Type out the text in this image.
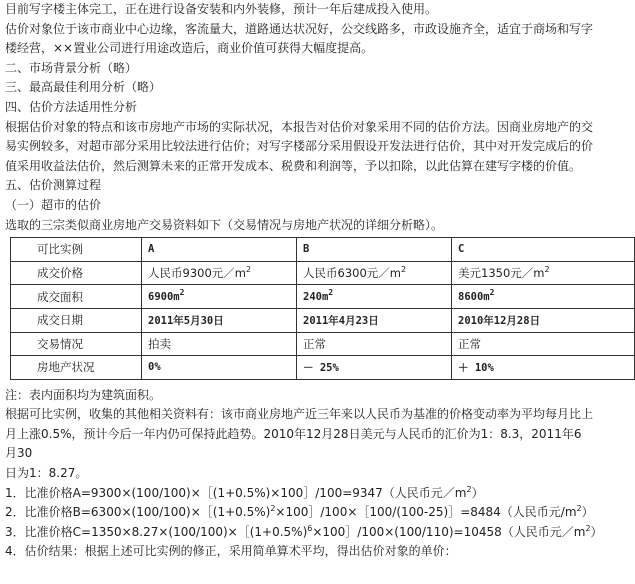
目前写字楼主体完工，正在进行设备安装和内外装修，预计一年后建成投入使用。
估价对象位于该市商业中心边缘，客流量大，道路通达状况好，公交线路多，市政设施齐全，适宜于商场和写字
楼经营，××置业公司进行用途改造后，商业价值可获得大幅度提高。
二、市场背景分析（略）
三、最高最佳利用分析（略）
四、估价方法适用性分析
根据估价对象的特点和该市房地产市场的实际状况，本报告对估价对象采用不同的估价方法。因商业房地产的交
易实例较多，对超市部分采用比较法进行估价；对写字楼部分采用假设开发法进行估价，其中对开发完成后的价
值采用收益法估价，然后测算未来的正常开发成本、税费和利润等，予以扣除，以此估算在建写字楼的价值。
五、估价测算过程
（一）超市的估价
选取的三宗类似商业房地产交易资料如下（交易情况与房地产状况的详细分析略）。
可比实例	A	B	C
成交价格	人民币9300元$/m^2$	人民币6300元$/m^2$	美元1350元$/m^2$
成交面积	$6900m^2$	$240m^2$	$8600m^2$
成交日期	2011年5月30日	2011年4月23日	2010年12月28日
交易情况	拍卖	正常	正常
房地产状况	0%	－ 25%	＋ 10%
注：表内面积均为建筑面积。
根据可比实例，收集的其他相关资料有：该市商业房地产近三年来以人民币为基准的价格变动率为平均每月比上
月上涨0.5%，预计今后一年内仍可保持此趋势。2010年12月28日美元与人民币的汇价为1：8.3，2011年6月30
日为1：8.27。
1．比准价格A=9300×(100/100)×［(1+0.5%)×100］/100=9347（人民币元$/m^2$）
2．比准价格$B=6300\times(100/100)\times[(1+0.5\%)^2\times 100]/100\times[100/(100-25)]=8484$（人民币元$/m^2$）
3．比准价格$C=1350\times 8.27\times(100/100)\times[(1+0.5\%)^6\times 100]/100\times(100/110)=10458$（人民币元$/m^2$）
4．估价结果：根据上述可比实例的修正，采用简单算术平均，得出估价对象的单价：
